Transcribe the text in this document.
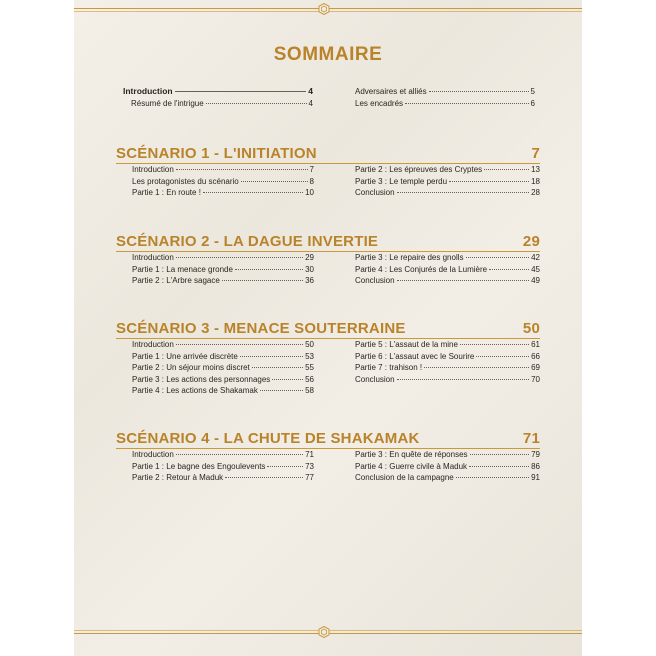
SOMMAIRE
Introduction	4
Résumé de l'intrigue	4
Adversaires et alliés	5
Les encadrés	6
SCÉNARIO 1 - L'INITIATION	7
Introduction	7
Les protagonistes du scénario	8
Partie 1 : En route !	10
Partie 2 : Les épreuves des Cryptes	13
Partie 3 : Le temple perdu	18
Conclusion	28
SCÉNARIO 2 - LA DAGUE INVERTIE	29
Introduction	29
Partie 1 : La menace gronde	30
Partie 2 : L'Arbre sagace	36
Partie 3 : Le repaire des gnolls	42
Partie 4 : Les Conjurés de la Lumière	45
Conclusion	49
SCÉNARIO 3 - MENACE SOUTERRAINE	50
Introduction	50
Partie 1 : Une arrivée discrète	53
Partie 2 : Un séjour moins discret	55
Partie 3 : Les actions des personnages	56
Partie 4 : Les actions de Shakamak	58
Partie 5 : L'assaut de la mine	61
Partie 6 : L'assaut avec le Sourire	66
Partie 7 : trahison !	69
Conclusion	70
SCÉNARIO 4 - LA CHUTE DE SHAKAMAK	71
Introduction	71
Partie 1 : Le bagne des Engoulevents	73
Partie 2 : Retour à Maduk	77
Partie 3 : En quête de réponses	79
Partie 4 : Guerre civile à Maduk	86
Conclusion de la campagne	91
